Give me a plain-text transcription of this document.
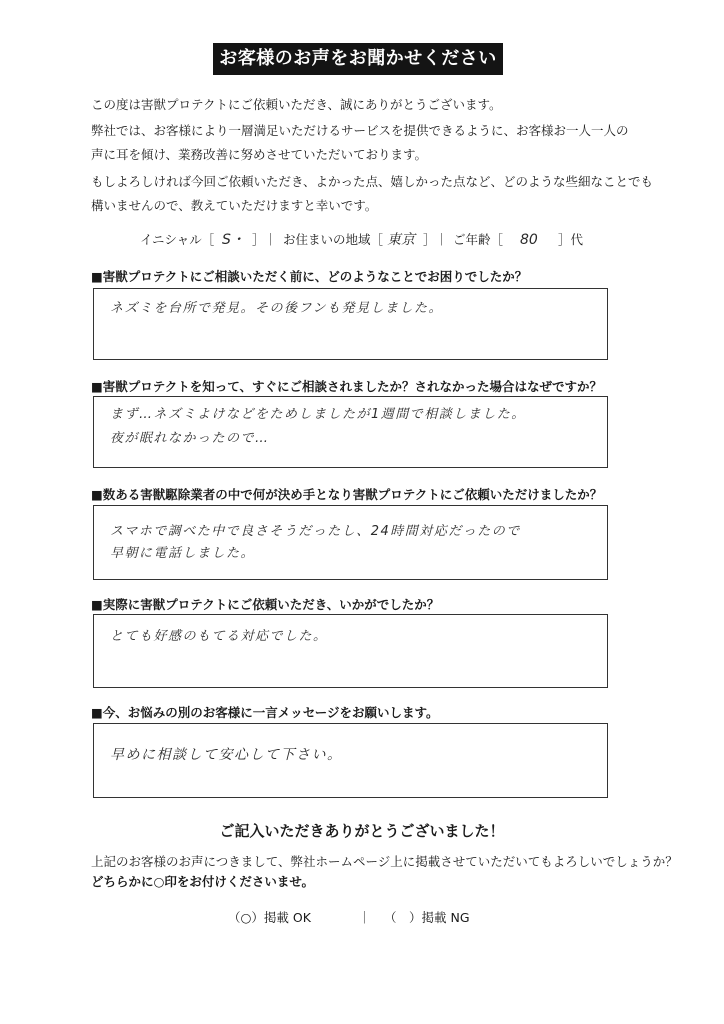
お客様のお声をお聞かせください
この度は害獣プロテクトにご依頼いただき、誠にありがとうございます。
弊社では、お客様により一層満足いただけるサービスを提供できるように、お客様お一人一人の
声に耳を傾け、業務改善に努めさせていただいております。
もしよろしければ今回ご依頼いただき、よかった点、嬉しかった点など、どのような些細なことでも
構いませんので、教えていただけますと幸いです。
イニシャル［ S・ ］｜ お住まいの地域［ 東京 ］｜ ご年齢［ 80 ］代
■害獣プロテクトにご相談いただく前に、どのようなことでお困りでしたか？
ネズミを台所で発見。その後フンも発見しました。
■害獣プロテクトを知って、すぐにご相談されましたか？されなかった場合はなぜですか？
まず…ネズミよけなどをためしましたが1週間で相談しました。
夜が眠れなかったので…
■数ある害獣駆除業者の中で何が決め手となり害獣プロテクトにご依頼いただけましたか？
スマホで調べた中で良さそうだったし、24時間対応だったので
早朝に電話しました。
■実際に害獣プロテクトにご依頼いただき、いかがでしたか？
とても好感のもてる対応でした。
■今、お悩みの別のお客様に一言メッセージをお願いします。
早めに相談して安心して下さい。
ご記入いただきありがとうございました！
上記のお客様のお声につきまして、弊社ホームページ上に掲載させていただいてもよろしいでしょうか？
どちらかに○印をお付けくださいませ。
（○）掲載 OK	｜ （　）掲載 NG
